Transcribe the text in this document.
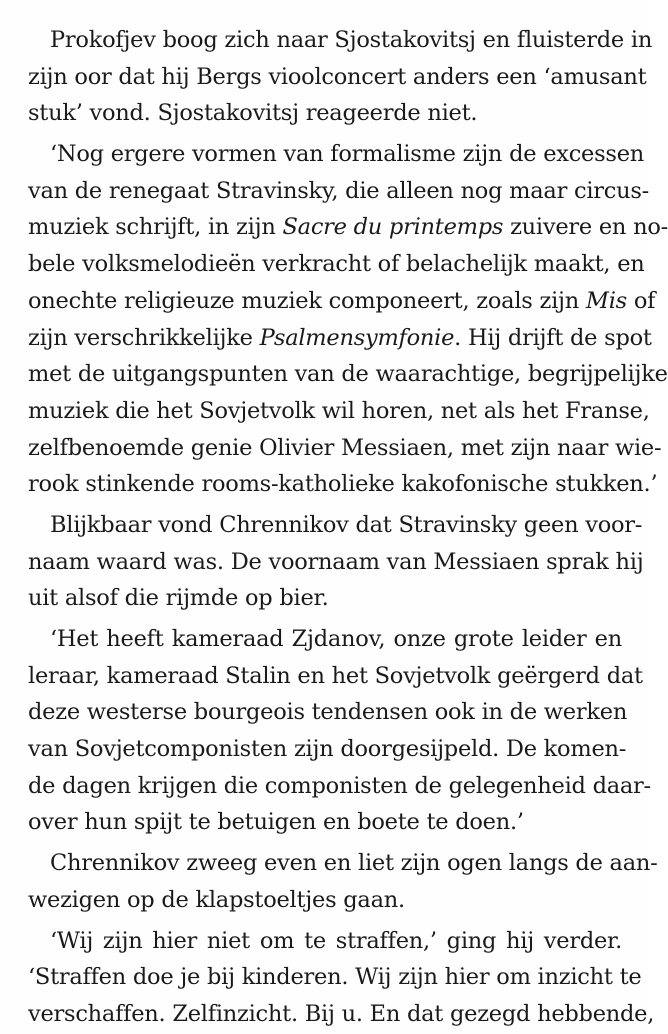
Prokofjev boog zich naar Sjostakovitsj en fluisterde in
zijn oor dat hij Bergs vioolconcert anders een ‘amusant
stuk’ vond. Sjostakovitsj reageerde niet.
‘Nog ergere vormen van formalisme zijn de excessen
van de renegaat Stravinsky, die alleen nog maar circus-
muziek schrijft, in zijn Sacre du printemps zuivere en no-
bele volksmelodieën verkracht of belachelijk maakt, en
onechte religieuze muziek componeert, zoals zijn Mis of
zijn verschrikkelijke Psalmensymfonie. Hij drijft de spot
met de uitgangspunten van de waarachtige, begrijpelijke
muziek die het Sovjetvolk wil horen, net als het Franse,
zelfbenoemde genie Olivier Messiaen, met zijn naar wie-
rook stinkende rooms-katholieke kakofonische stukken.’
Blijkbaar vond Chrennikov dat Stravinsky geen voor-
naam waard was. De voornaam van Messiaen sprak hij
uit alsof die rijmde op bier.
‘Het heeft kameraad Zjdanov, onze grote leider en
leraar, kameraad Stalin en het Sovjetvolk geërgerd dat
deze westerse bourgeois tendensen ook in de werken
van Sovjetcomponisten zijn doorgesijpeld. De komen-
de dagen krijgen die componisten de gelegenheid daar-
over hun spijt te betuigen en boete te doen.’
Chrennikov zweeg even en liet zijn ogen langs de aan-
wezigen op de klapstoeltjes gaan.
‘Wij zijn hier niet om te straffen,’ ging hij verder.
‘Straffen doe je bij kinderen. Wij zijn hier om inzicht te
verschaffen. Zelfinzicht. Bij u. En dat gezegd hebbende,
